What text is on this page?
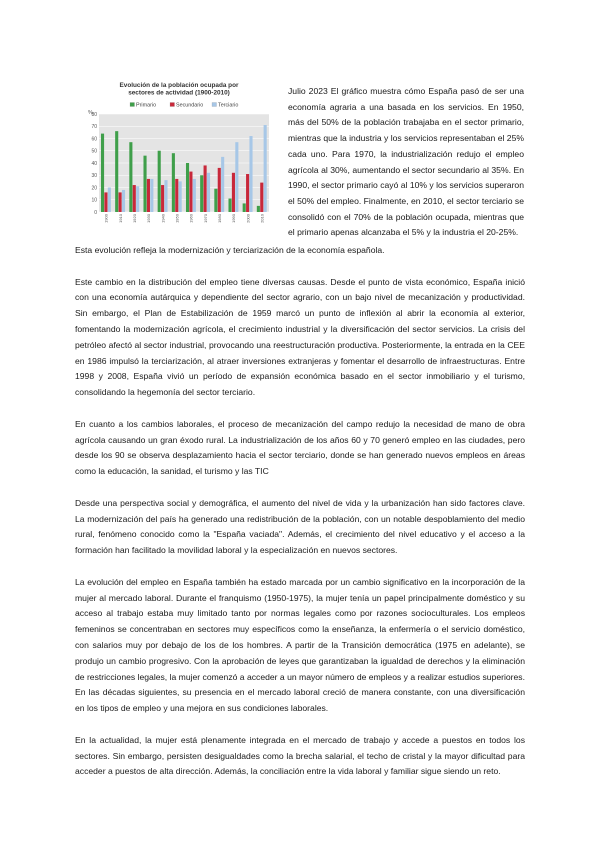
Evolución de la población ocupada por
sectores de actividad (1900-2010)
Primario	Secundario	Terciario
%
0
10
20
30
40
50
60
70
80
1900 1910 1920 1930 1940 1950 1960 1970 1980 1990 2000 2010

Julio 2023 El gráfico muestra cómo España pasó de ser una economía agraria a una basada en los servicios. En 1950, más del 50% de la población trabajaba en el sector primario, mientras que la industria y los servicios representaban el 25% cada uno. Para 1970, la industrialización redujo el empleo agrícola al 30%, aumentando el sector secundario al 35%. En 1990, el sector primario cayó al 10% y los servicios superaron el 50% del empleo. Finalmente, en 2010, el sector terciario se consolidó con el 70% de la población ocupada, mientras que el primario apenas alcanzaba el 5% y la industria el 20-25%.

Esta evolución refleja la modernización y terciarización de la economía española.

Este cambio en la distribución del empleo tiene diversas causas. Desde el punto de vista económico, España inició con una economía autárquica y dependiente del sector agrario, con un bajo nivel de mecanización y productividad. Sin embargo, el Plan de Estabilización de 1959 marcó un punto de inflexión al abrir la economía al exterior, fomentando la modernización agrícola, el crecimiento industrial y la diversificación del sector servicios. La crisis del petróleo afectó al sector industrial, provocando una reestructuración productiva. Posteriormente, la entrada en la CEE en 1986 impulsó la terciarización, al atraer inversiones extranjeras y fomentar el desarrollo de infraestructuras. Entre 1998 y 2008, España vivió un período de expansión económica basado en el sector inmobiliario y el turismo, consolidando la hegemonía del sector terciario.

En cuanto a los cambios laborales, el proceso de mecanización del campo redujo la necesidad de mano de obra agrícola causando un gran éxodo rural. La industrialización de los años 60 y 70 generó empleo en las ciudades, pero desde los 90 se observa desplazamiento hacia el sector terciario, donde se han generado nuevos empleos en áreas como la educación, la sanidad, el turismo y las TIC

Desde una perspectiva social y demográfica, el aumento del nivel de vida y la urbanización han sido factores clave. La modernización del país ha generado una redistribución de la población, con un notable despoblamiento del medio rural, fenómeno conocido como la "España vaciada". Además, el crecimiento del nivel educativo y el acceso a la formación han facilitado la movilidad laboral y la especialización en nuevos sectores.

La evolución del empleo en España también ha estado marcada por un cambio significativo en la incorporación de la mujer al mercado laboral. Durante el franquismo (1950-1975), la mujer tenía un papel principalmente doméstico y su acceso al trabajo estaba muy limitado tanto por normas legales como por razones socioculturales. Los empleos femeninos se concentraban en sectores muy específicos como la enseñanza, la enfermería o el servicio doméstico, con salarios muy por debajo de los de los hombres. A partir de la Transición democrática (1975 en adelante), se produjo un cambio progresivo. Con la aprobación de leyes que garantizaban la igualdad de derechos y la eliminación de restricciones legales, la mujer comenzó a acceder a un mayor número de empleos y a realizar estudios superiores. En las décadas siguientes, su presencia en el mercado laboral creció de manera constante, con una diversificación en los tipos de empleo y una mejora en sus condiciones laborales.

En la actualidad, la mujer está plenamente integrada en el mercado de trabajo y accede a puestos en todos los sectores. Sin embargo, persisten desigualdades como la brecha salarial, el techo de cristal y la mayor dificultad para acceder a puestos de alta dirección. Además, la conciliación entre la vida laboral y familiar sigue siendo un reto.
